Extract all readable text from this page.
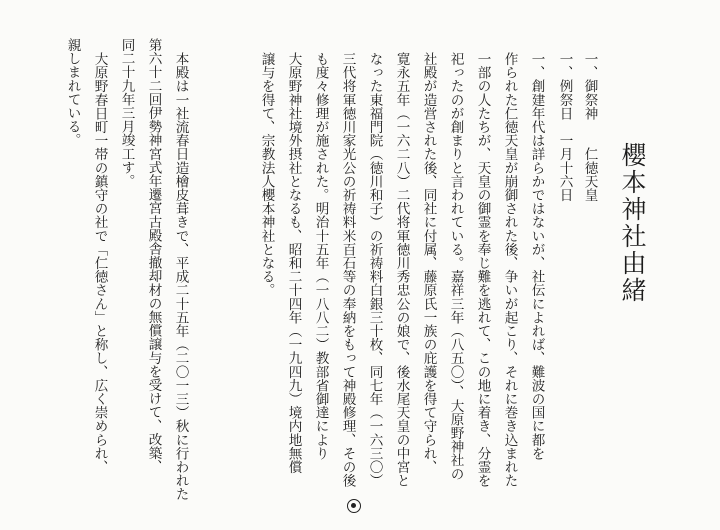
櫻本神社由緒
一、御祭神　　仁徳天皇
一、例祭日　一月十六日
一、創建年代は詳らかではないが、社伝によれば、難波の国に都を
作られた仁徳天皇が崩御された後、争いが起こり、それに巻き込まれた
一部の人たちが、天皇の御霊を奉じ難を逃れて、この地に着き、分霊を
祀ったのが創まりと言われている。嘉祥三年（八五〇）、大原野神社の
社殿が造営された後、同社に付属、藤原氏一族の庇護を得て守られ、
寛永五年（一六二八）二代将軍徳川秀忠公の娘で、後水尾天皇の中宮と
なった東福門院（徳川和子）の祈祷料白銀三十枚、同七年（一六三〇）
三代将軍徳川家光公の祈祷料米百石等の奉納をもって神殿修理、その後
も度々修理が施された。明治十五年（一八八二）教部省御達により
大原野神社境外摂社となるも、昭和二十四年（一九四九）境内地無償
譲与を得て、宗教法人櫻本神社となる。
本殿は一社流春日造檜皮葺きで、平成二十五年（二〇一三）秋に行われた
第六十二回伊勢神宮式年遷宮古殿舎撤却材の無償譲与を受けて、改築、
同二十九年三月竣工す。
大原野春日町一帯の鎮守の社で「仁徳さん」と称し、広く崇められ、
親しまれている。
